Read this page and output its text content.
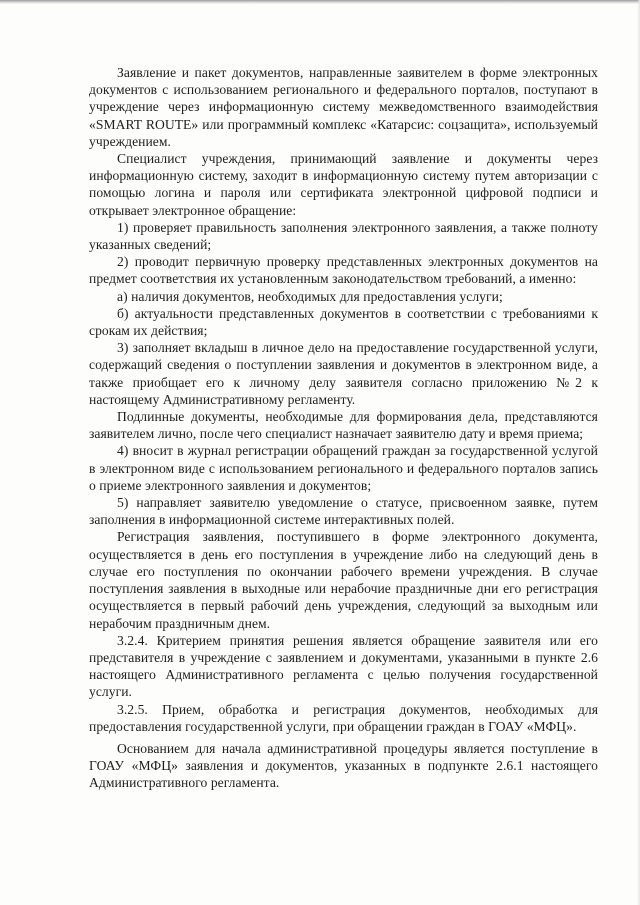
Заявление и пакет документов, направленные заявителем в форме электронных документов с использованием регионального и федерального порталов, поступают в учреждение через информационную систему межведомственного взаимодействия «SMART ROUTE» или программный комплекс «Катарсис: соцзащита», используемый учреждением.

Специалист учреждения, принимающий заявление и документы через информационную систему, заходит в информационную систему путем авторизации с помощью логина и пароля или сертификата электронной цифровой подписи и открывает электронное обращение:

1) проверяет правильность заполнения электронного заявления, а также полноту указанных сведений;

2) проводит первичную проверку представленных электронных документов на предмет соответствия их установленным законодательством требований, а именно:

а) наличия документов, необходимых для предоставления услуги;

б) актуальности представленных документов в соответствии с требованиями к срокам их действия;

3) заполняет вкладыш в личное дело на предоставление государственной услуги, содержащий сведения о поступлении заявления и документов в электронном виде, а также приобщает его к личному делу заявителя согласно приложению №2 к настоящему Административному регламенту.

Подлинные документы, необходимые для формирования дела, представляются заявителем лично, после чего специалист назначает заявителю дату и время приема;

4) вносит в журнал регистрации обращений граждан за государственной услугой в электронном виде с использованием регионального и федерального порталов запись о приеме электронного заявления и документов;

5) направляет заявителю уведомление о статусе, присвоенном заявке, путем заполнения в информационной системе интерактивных полей.

Регистрация заявления, поступившего в форме электронного документа, осуществляется в день его поступления в учреждение либо на следующий день в случае его поступления по окончании рабочего времени учреждения. В случае поступления заявления в выходные или нерабочие праздничные дни его регистрация осуществляется в первый рабочий день учреждения, следующий за выходным или нерабочим праздничным днем.

3.2.4. Критерием принятия решения является обращение заявителя или его представителя в учреждение с заявлением и документами, указанными в пункте 2.6 настоящего Административного регламента с целью получения государственной услуги.

3.2.5. Прием, обработка и регистрация документов, необходимых для предоставления государственной услуги, при обращении граждан в ГОАУ «МФЦ».

Основанием для начала административной процедуры является поступление в ГОАУ «МФЦ» заявления и документов, указанных в подпункте 2.6.1 настоящего Административного регламента.
